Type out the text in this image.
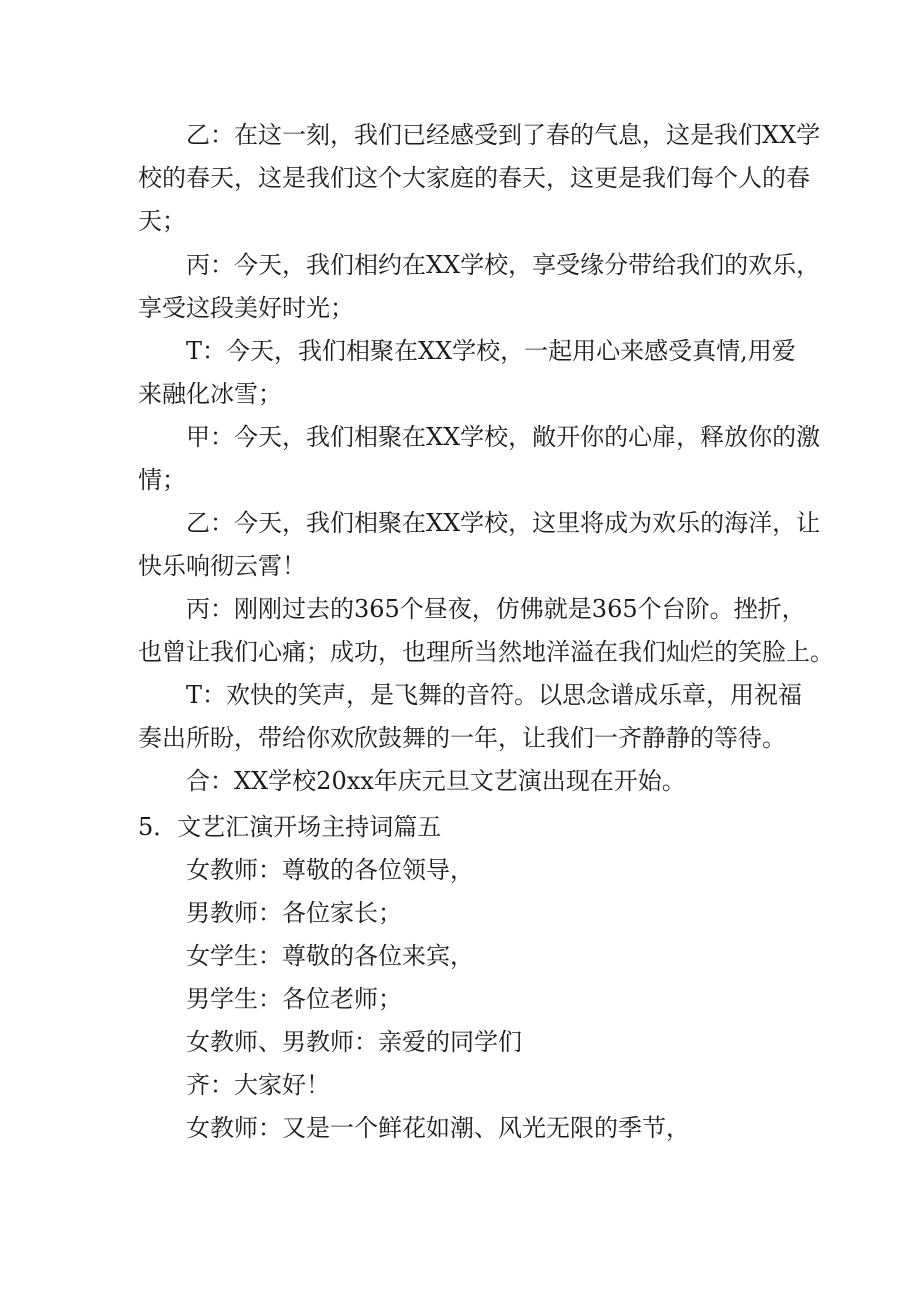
乙：在这一刻，我们已经感受到了春的气息，这是我们XX学
校的春天，这是我们这个大家庭的春天，这更是我们每个人的春
天；
丙：今天，我们相约在XX学校，享受缘分带给我们的欢乐，
享受这段美好时光；
T：今天，我们相聚在XX学校，一起用心来感受真情,用爱
来融化冰雪；
甲：今天，我们相聚在XX学校，敞开你的心扉，释放你的激
情；
乙：今天，我们相聚在XX学校，这里将成为欢乐的海洋，让
快乐响彻云霄！
丙：刚刚过去的365个昼夜，仿佛就是365个台阶。挫折，
也曾让我们心痛；成功，也理所当然地洋溢在我们灿烂的笑脸上。
T：欢快的笑声，是飞舞的音符。以思念谱成乐章，用祝福
奏出所盼，带给你欢欣鼓舞的一年，让我们一齐静静的等待。
合：XX学校20xx年庆元旦文艺演出现在开始。
5．文艺汇演开场主持词篇五
女教师：尊敬的各位领导，
男教师：各位家长；
女学生：尊敬的各位来宾，
男学生：各位老师；
女教师、男教师：亲爱的同学们
齐：大家好！
女教师：又是一个鲜花如潮、风光无限的季节，
